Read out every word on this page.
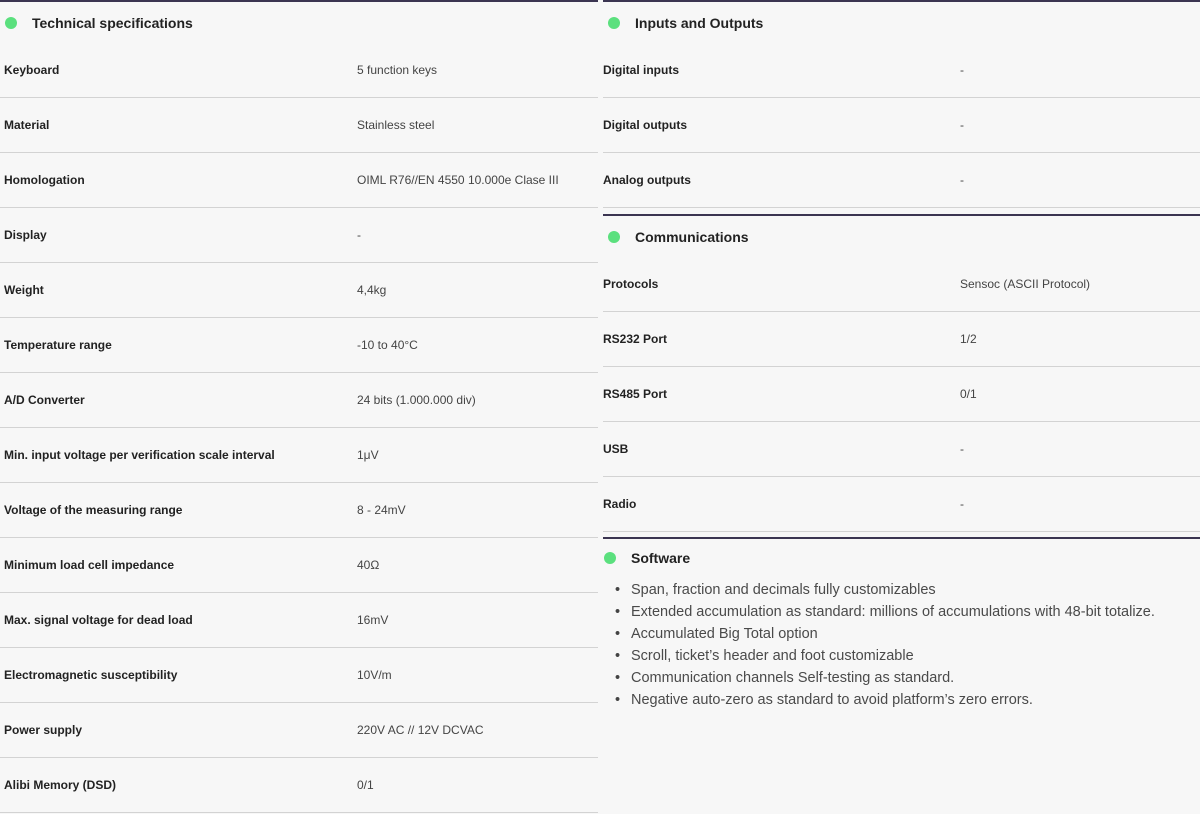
Technical specifications
Keyboard	5 function keys
Material	Stainless steel
Homologation	OIML R76//EN 4550 10.000e Clase III
Display	-
Weight	4,4kg
Temperature range	-10 to 40°C
A/D Converter	24 bits (1.000.000 div)
Min. input voltage per verification scale interval	1μV
Voltage of the measuring range	8 - 24mV
Minimum load cell impedance	40Ω
Max. signal voltage for dead load	16mV
Electromagnetic susceptibility	10V/m
Power supply	220V AC // 12V DCVAC
Alibi Memory (DSD)	0/1
Inputs and Outputs
Digital inputs	-
Digital outputs	-
Analog outputs	-
Communications
Protocols	Sensoc (ASCII Protocol)
RS232 Port	1/2
RS485 Port	0/1
USB	-
Radio	-
Software
• Span, fraction and decimals fully customizables
• Extended accumulation as standard: millions of accumulations with 48-bit totalize.
• Accumulated Big Total option
• Scroll, ticket’s header and foot customizable
• Communication channels Self-testing as standard.
• Negative auto-zero as standard to avoid platform’s zero errors.
